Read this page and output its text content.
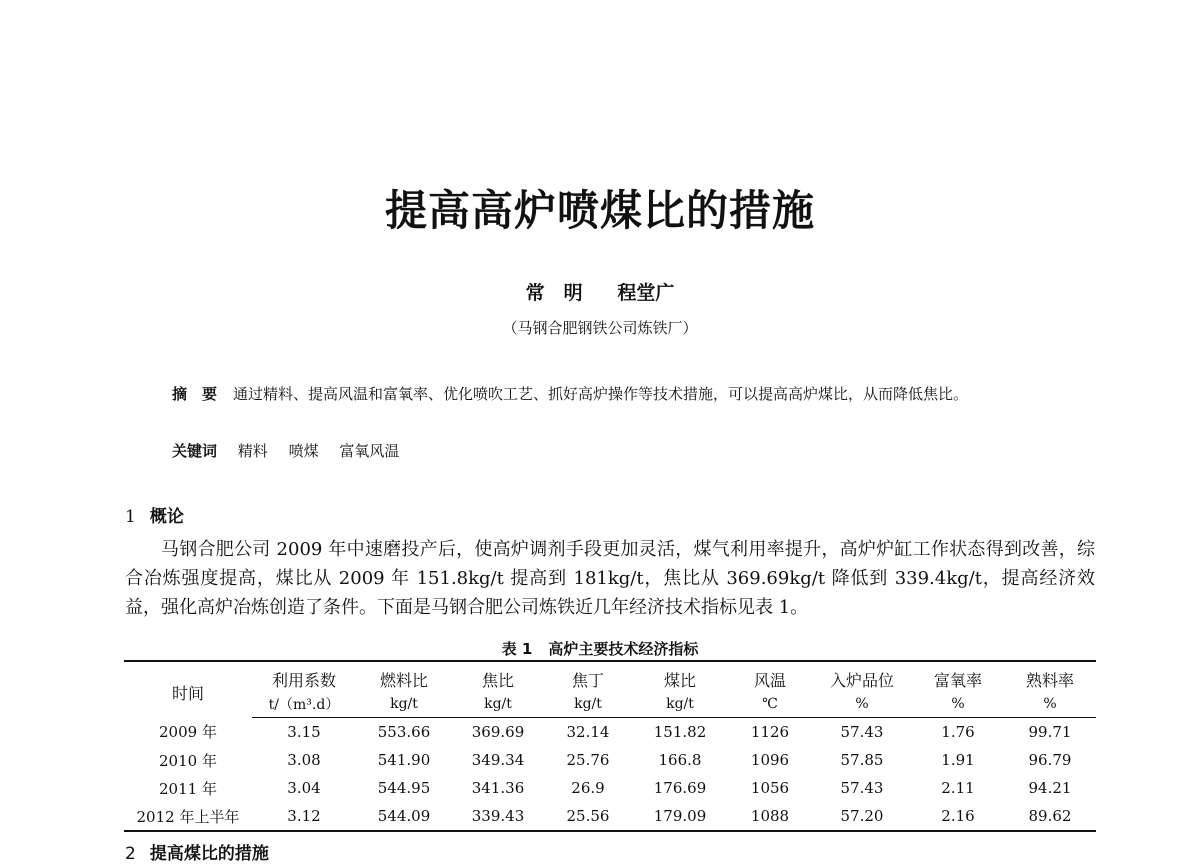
提高高炉喷煤比的措施
常　明 程堂广
（马钢合肥钢铁公司炼铁厂）
摘　要 通过精料、提高风温和富氧率、优化喷吹工艺、抓好高炉操作等技术措施，可以提高高炉煤比，从而降低焦比。
关键词 精料 喷煤 富氧风温
1 概论

马钢合肥公司 2009 年中速磨投产后，使高炉调剂手段更加灵活，煤气利用率提升，高炉炉缸工作状态得到改善，综合冶炼强度提高，煤比从 2009 年 151.8kg/t 提高到 181kg/t，焦比从 369.69kg/t 降低到 339.4kg/t，提高经济效益，强化高炉冶炼创造了条件。下面是马钢合肥公司炼铁近几年经济技术指标见表 1。

表 1 高炉主要技术经济指标
时间	利用系数	燃料比	焦比	焦丁	煤比	风温	入炉品位	富氧率	熟料率
	t/（m³.d）	kg/t	kg/t	kg/t	kg/t	℃	%	%	%
2009 年	3.15	553.66	369.69	32.14	151.82	1126	57.43	1.76	99.71
2010 年	3.08	541.90	349.34	25.76	166.8	1096	57.85	1.91	96.79
2011 年	3.04	544.95	341.36	26.9	176.69	1056	57.43	2.11	94.21
2012 年上半年	3.12	544.09	339.43	25.56	179.09	1088	57.20	2.16	89.62
2 提高煤比的措施
